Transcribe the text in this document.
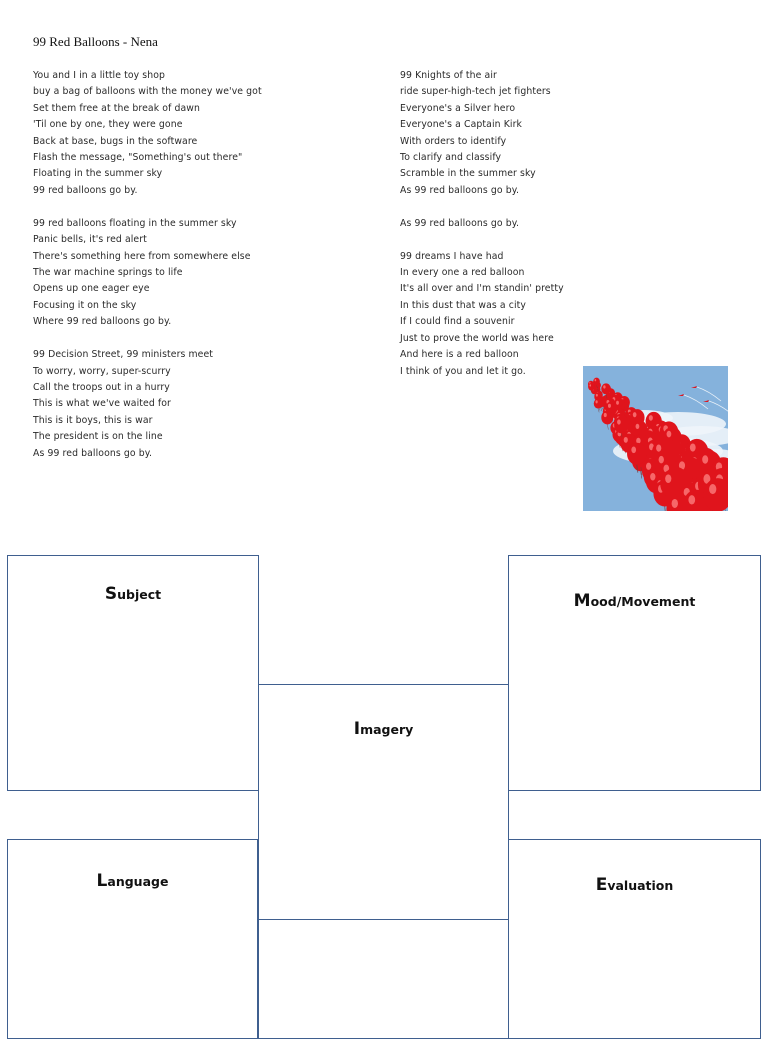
99 Red Balloons - Nena
You and I in a little toy shop
buy a bag of balloons with the money we've got
Set them free at the break of dawn
'Til one by one, they were gone
Back at base, bugs in the software
Flash the message, "Something's out there"
Floating in the summer sky
99 red balloons go by.
99 red balloons floating in the summer sky
Panic bells, it's red alert
There's something here from somewhere else
The war machine springs to life
Opens up one eager eye
Focusing it on the sky
Where 99 red balloons go by.
99 Decision Street, 99 ministers meet
To worry, worry, super-scurry
Call the troops out in a hurry
This is what we've waited for
This is it boys, this is war
The president is on the line
As 99 red balloons go by.
99 Knights of the air
ride super-high-tech jet fighters
Everyone's a Silver hero
Everyone's a Captain Kirk
With orders to identify
To clarify and classify
Scramble in the summer sky
As 99 red balloons go by.
As 99 red balloons go by.
99 dreams I have had
In every one a red balloon
It's all over and I'm standin' pretty
In this dust that was a city
If I could find a souvenir
Just to prove the world was here
And here is a red balloon
I think of you and let it go.
Subject	Mood/Movement
Imagery
Language	Evaluation
